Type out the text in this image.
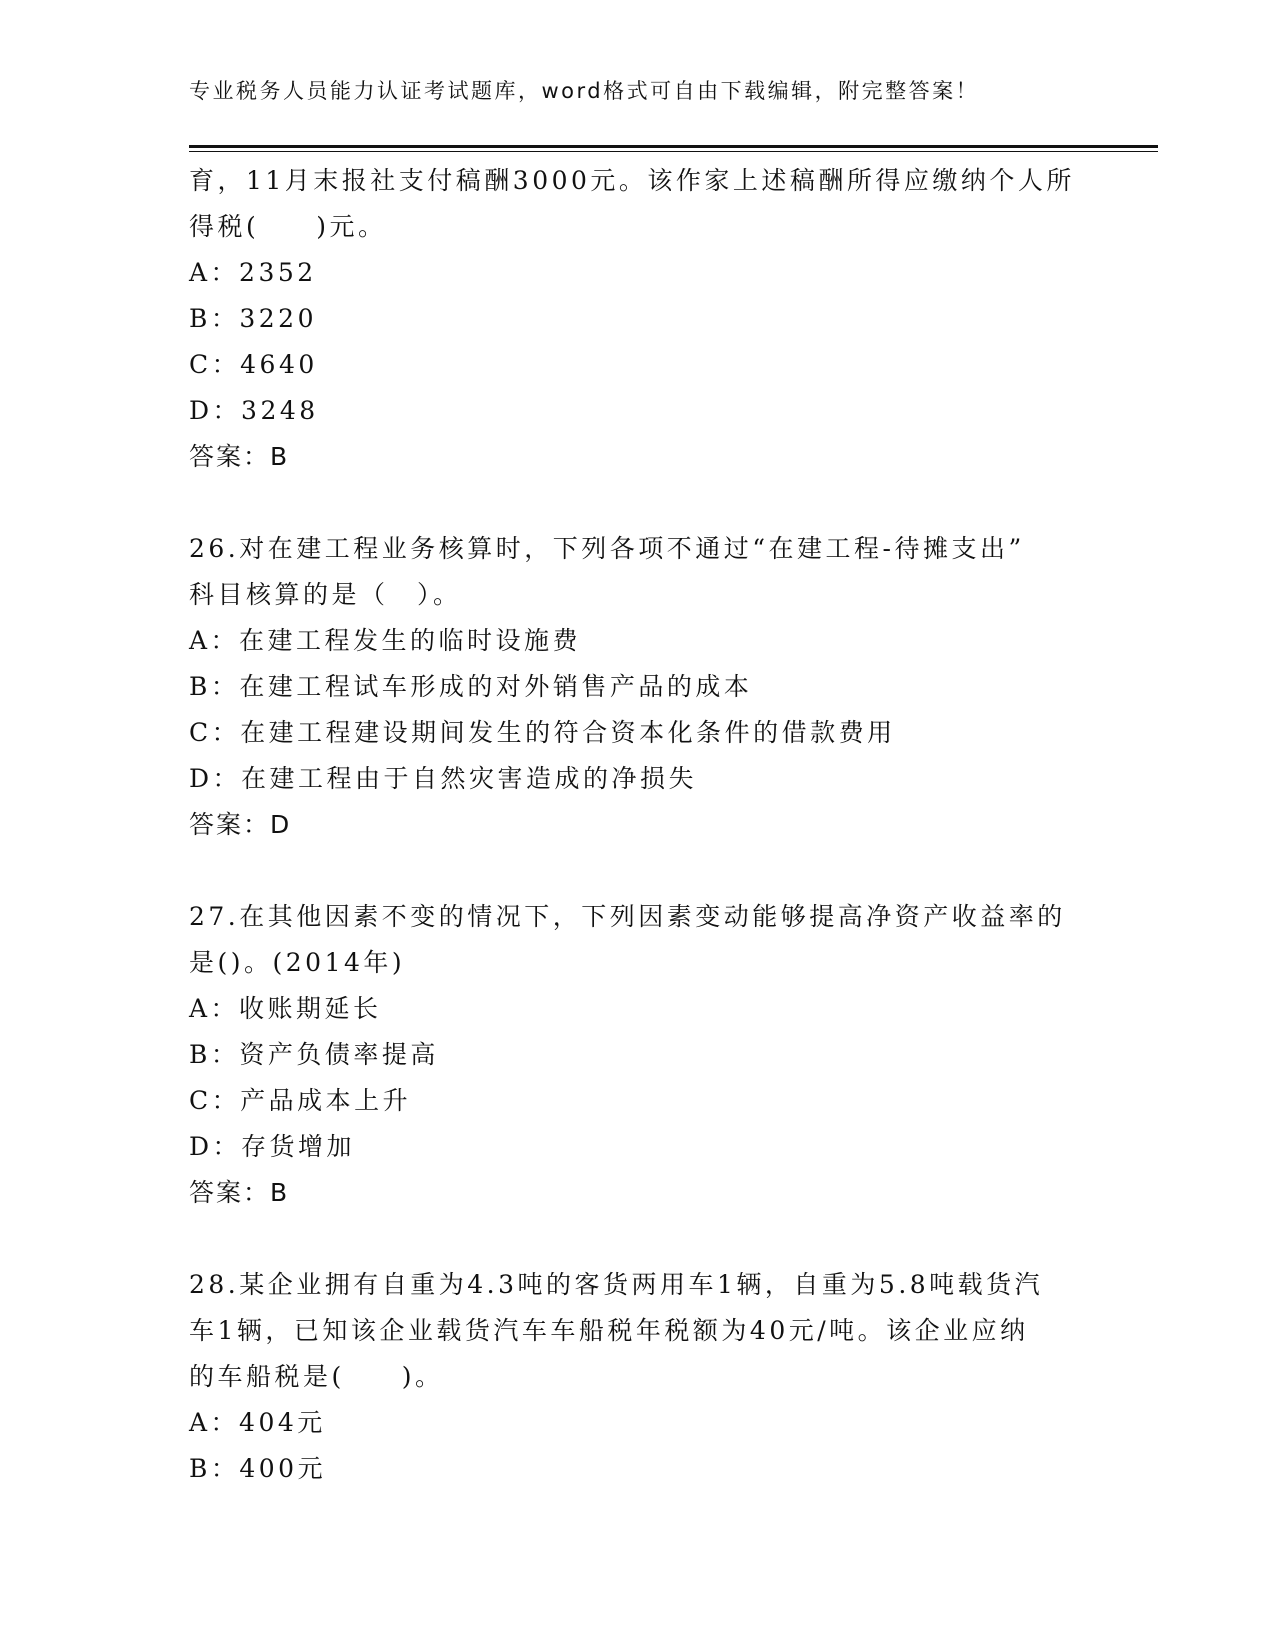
专业税务人员能力认证考试题库，word格式可自由下载编辑，附完整答案！
育，11月末报社支付稿酬3000元。该作家上述稿酬所得应缴纳个人所
得税(　　)元。
A：2352
B：3220
C：4640
D：3248
答案：B
26.对在建工程业务核算时，下列各项不通过“在建工程-待摊支出”
科目核算的是（　）。
A：在建工程发生的临时设施费
B：在建工程试车形成的对外销售产品的成本
C：在建工程建设期间发生的符合资本化条件的借款费用
D：在建工程由于自然灾害造成的净损失
答案：D
27.在其他因素不变的情况下，下列因素变动能够提高净资产收益率的
是()。(2014年)
A：收账期延长
B：资产负债率提高
C：产品成本上升
D：存货增加
答案：B
28.某企业拥有自重为4.3吨的客货两用车1辆，自重为5.8吨载货汽
车1辆，已知该企业载货汽车车船税年税额为40元/吨。该企业应纳
的车船税是(　　)。
A：404元
B：400元
